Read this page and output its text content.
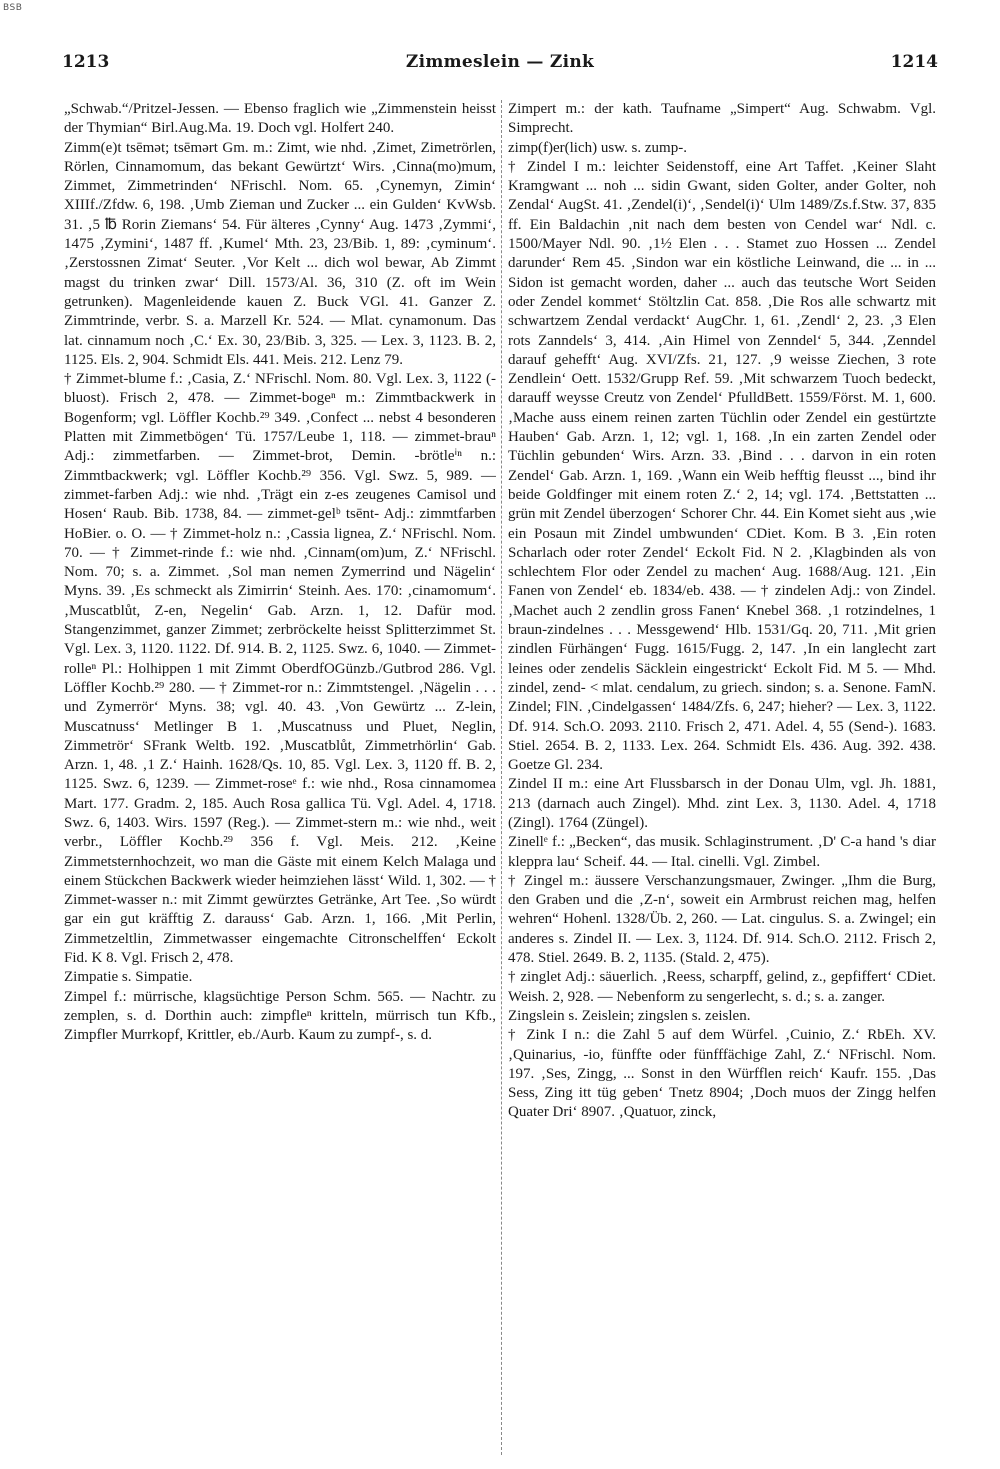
BSB
1213	Zimmeslein — Zink	1214

„Schwab.“/Pritzel-Jessen. — Ebenso fraglich wie „Zimmenstein heisst der Thymian“ Birl.Aug.Ma. 19. Doch vgl. Holfert 240.

Zimm(e)t tsēmət; tsēmərt Gm. m.: Zimt, wie nhd. ‚Zimet, Zimetrörlen, Rörlen, Cinnamomum, das bekant Gewürtzt‘ Wirs. ‚Cinna(mo)mum, Zimmet, Zimmetrinden‘ NFrischl. Nom. 65. ‚Cynemyn, Zimin‘ XIIIf./Zfdw. 6, 198. ‚Umb Zieman und Zucker ... ein Gulden‘ KvWsb. 31. ‚5 ℔ Rorin Ziemans‘ 54. Für älteres ‚Cynny‘ Aug. 1473 ‚Zymmi‘, 1475 ‚Zymini‘, 1487 ff. ‚Kumel‘ Mth. 23, 23/Bib. 1, 89: ‚cyminum‘. ‚Zerstossnen Zimat‘ Seuter. ‚Vor Kelt ... dich wol bewar, Ab Zimmt magst du trinken zwar‘ Dill. 1573/Al. 36, 310 (Z. oft im Wein getrunken). Magenleidende kauen Z. Buck VGl. 41. Ganzer Z. Zimmtrinde, verbr. S. a. Marzell Kr. 524. — Mlat. cynamonum. Das lat. cinnamum noch ‚C.‘ Ex. 30, 23/Bib. 3, 325. — Lex. 3, 1123. B. 2, 1125. Els. 2, 904. Schmidt Els. 441. Meis. 212. Lenz 79.

† Zimmet-blume f.: ‚Casia, Z.‘ NFrischl. Nom. 80. Vgl. Lex. 3, 1122 (-bluost). Frisch 2, 478. — Zimmet-bogeⁿ m.: Zimmtbackwerk in Bogenform; vgl. Löffler Kochb.²⁹ 349. ‚Confect ... nebst 4 besonderen Platten mit Zimmetbögen‘ Tü. 1757/Leube 1, 118. — zimmet-brauⁿ Adj.: zimmetfarben. — Zimmet-brot, Demin. -brötleⁱⁿ n.: Zimmtbackwerk; vgl. Löffler Kochb.²⁹ 356. Vgl. Swz. 5, 989. — zimmet-farben Adj.: wie nhd. ‚Trägt ein z-es zeugenes Camisol und Hosen‘ Raub. Bib. 1738, 84. — zimmet-gelᵇ tsēnt- Adj.: zimmtfarben HoBier. o. O. — † Zimmet-holz n.: ‚Cassia lignea, Z.‘ NFrischl. Nom. 70. — † Zimmet-rinde f.: wie nhd. ‚Cinnam(om)um, Z.‘ NFrischl. Nom. 70; s. a. Zimmet. ‚Sol man nemen Zymerrind und Nägelin‘ Myns. 39. ‚Es schmeckt als Zimirrin‘ Steinh. Aes. 170: ‚cinamomum‘. ‚Muscatblůt, Z-en, Negelin‘ Gab. Arzn. 1, 12. Dafür mod. Stangenzimmet, ganzer Zimmet; zerbröckelte heisst Splitterzimmet St. Vgl. Lex. 3, 1120. 1122. Df. 914. B. 2, 1125. Swz. 6, 1040. — Zimmet-rolleⁿ Pl.: Holhippen 1 mit Zimmt OberdfOGünzb./Gutbrod 286. Vgl. Löffler Kochb.²⁹ 280. — † Zimmet-ror n.: Zimmtstengel. ‚Nägelin . . . und Zymerrör‘ Myns. 38; vgl. 40. 43. ‚Von Gewürtz ... Z-lein, Muscatnuss‘ Metlinger B 1. ‚Muscatnuss und Pluet, Neglin, Zimmetrör‘ SFrank Weltb. 192. ‚Muscatblůt, Zimmetrhörlin‘ Gab. Arzn. 1, 48. ‚1 Z.‘ Hainh. 1628/Qs. 10, 85. Vgl. Lex. 3, 1120 ff. B. 2, 1125. Swz. 6, 1239. — Zimmet-roseᵉ f.: wie nhd., Rosa cinnamomea Mart. 177. Gradm. 2, 185. Auch Rosa gallica Tü. Vgl. Adel. 4, 1718. Swz. 6, 1403. Wirs. 1597 (Reg.). — Zimmet-stern m.: wie nhd., weit verbr., Löffler Kochb.²⁹ 356 f. Vgl. Meis. 212. ‚Keine Zimmetsternhochzeit, wo man die Gäste mit einem Kelch Malaga und einem Stückchen Backwerk wieder heimziehen lässt‘ Wild. 1, 302. — † Zimmet-wasser n.: mit Zimmt gewürztes Getränke, Art Tee. ‚So würdt gar ein gut kräfftig Z. darauss‘ Gab. Arzn. 1, 166. ‚Mit Perlin, Zimmetzeltlin, Zimmetwasser eingemachte Citronschelffen‘ Eckolt Fid. K 8. Vgl. Frisch 2, 478.

Zimpatie s. Simpatie.

Zimpel f.: mürrische, klagsüchtige Person Schm. 565. — Nachtr. zu zemplen, s. d. Dorthin auch: zimpfleⁿ kritteln, mürrisch tun Kfb., Zimpfler Murrkopf, Krittler, eb./Aurb. Kaum zu zumpf-, s. d.

Zimpert m.: der kath. Taufname „Simpert“ Aug. Schwabm. Vgl. Simprecht.

zimp(f)er(lich) usw. s. zump-.

† Zindel I m.: leichter Seidenstoff, eine Art Taffet. ‚Keiner Slaht Kramgwant ... noh ... sidin Gwant, siden Golter, ander Golter, noh Zendal‘ AugSt. 41. ‚Zendel(i)‘, ‚Sendel(i)‘ Ulm 1489/Zs.f.Stw. 37, 835 ff. Ein Baldachin ‚nit nach dem besten von Cendel war‘ Ndl. c. 1500/Mayer Ndl. 90. ‚1½ Elen . . . Stamet zuo Hossen ... Zendel darunder‘ Rem 45. ‚Sindon war ein köstliche Leinwand, die ... in ... Sidon ist gemacht worden, daher ... auch das teutsche Wort Seiden oder Zendel kommet‘ Stöltzlin Cat. 858. ‚Die Ros alle schwartz mit schwartzem Zendal verdackt‘ AugChr. 1, 61. ‚Zendl‘ 2, 23. ‚3 Elen rots Zanndels‘ 3, 414. ‚Ain Himel von Zenndel‘ 5, 344. ‚Zenndel darauf gehefft‘ Aug. XVI/Zfs. 21, 127. ‚9 weisse Ziechen, 3 rote Zendlein‘ Oett. 1532/Grupp Ref. 59. ‚Mit schwarzem Tuoch bedeckt, darauff weysse Creutz von Zendel‘ PfulldBett. 1559/Först. M. 1, 600. ‚Mache auss einem reinen zarten Tüchlin oder Zendel ein gestürtzte Hauben‘ Gab. Arzn. 1, 12; vgl. 1, 168. ‚In ein zarten Zendel oder Tüchlin gebunden‘ Wirs. Arzn. 33. ‚Bind . . . darvon in ein roten Zendel‘ Gab. Arzn. 1, 169. ‚Wann ein Weib hefftig fleusst ..., bind ihr beide Goldfinger mit einem roten Z.‘ 2, 14; vgl. 174. ‚Bettstatten ... grün mit Zendel überzogen‘ Schorer Chr. 44. Ein Komet sieht aus ‚wie ein Posaun mit Zindel umbwunden‘ CDiet. Kom. B 3. ‚Ein roten Scharlach oder roter Zendel‘ Eckolt Fid. N 2. ‚Klagbinden als von schlechtem Flor oder Zendel zu machen‘ Aug. 1688/Aug. 121. ‚Ein Fanen von Zendel‘ eb. 1834/eb. 438. — † zindelen Adj.: von Zindel. ‚Machet auch 2 zendlin gross Fanen‘ Knebel 368. ‚1 rotzindelnes, 1 braun-zindelnes . . . Messgewend‘ Hlb. 1531/Gq. 20, 711. ‚Mit grien zindlen Fürhängen‘ Fugg. 1615/Fugg. 2, 147. ‚In ein langlecht zart leines oder zendelis Säcklein eingestrickt‘ Eckolt Fid. M 5. — Mhd. zindel, zend- < mlat. cendalum, zu griech. sindon; s. a. Senone. FamN. Zindel; FlN. ‚Cindelgassen‘ 1484/Zfs. 6, 247; hieher? — Lex. 3, 1122. Df. 914. Sch.O. 2093. 2110. Frisch 2, 471. Adel. 4, 55 (Send-). 1683. Stiel. 2654. B. 2, 1133. Lex. 264. Schmidt Els. 436. Aug. 392. 438. Goetze Gl. 234.

Zindel II m.: eine Art Flussbarsch in der Donau Ulm, vgl. Jh. 1881, 213 (darnach auch Zingel). Mhd. zint Lex. 3, 1130. Adel. 4, 1718 (Zingl). 1764 (Züngel).

Zinellᵉ f.: „Becken“, das musik. Schlaginstrument. ‚D' C-a hand 's diar kleppra lau‘ Scheif. 44. — Ital. cinelli. Vgl. Zimbel.

† Zingel m.: äussere Verschanzungsmauer, Zwinger. „Ihm die Burg, den Graben und die ‚Z-n‘, soweit ein Armbrust reichen mag, helfen wehren“ Hohenl. 1328/Üb. 2, 260. — Lat. cingulus. S. a. Zwingel; ein anderes s. Zindel II. — Lex. 3, 1124. Df. 914. Sch.O. 2112. Frisch 2, 478. Stiel. 2649. B. 2, 1135. (Stald. 2, 475).

† zinglet Adj.: säuerlich. ‚Reess, scharpff, gelind, z., gepfiffert‘ CDiet. Weish. 2, 928. — Nebenform zu sengerlecht, s. d.; s. a. zanger.

Zingslein s. Zeislein; zingslen s. zeislen.

† Zink I n.: die Zahl 5 auf dem Würfel. ‚Cuinio, Z.‘ RbEh. XV. ‚Quinarius, -io, fünffte oder fünfffächige Zahl, Z.‘ NFrischl. Nom. 197. ‚Ses, Zingg, ... Sonst in den Würfflen reich‘ Kaufr. 155. ‚Das Sess, Zing itt tüg geben‘ Tnetz 8904; ‚Doch muos der Zingg helfen Quater Dri‘ 8907. ‚Quatuor, zinck,
